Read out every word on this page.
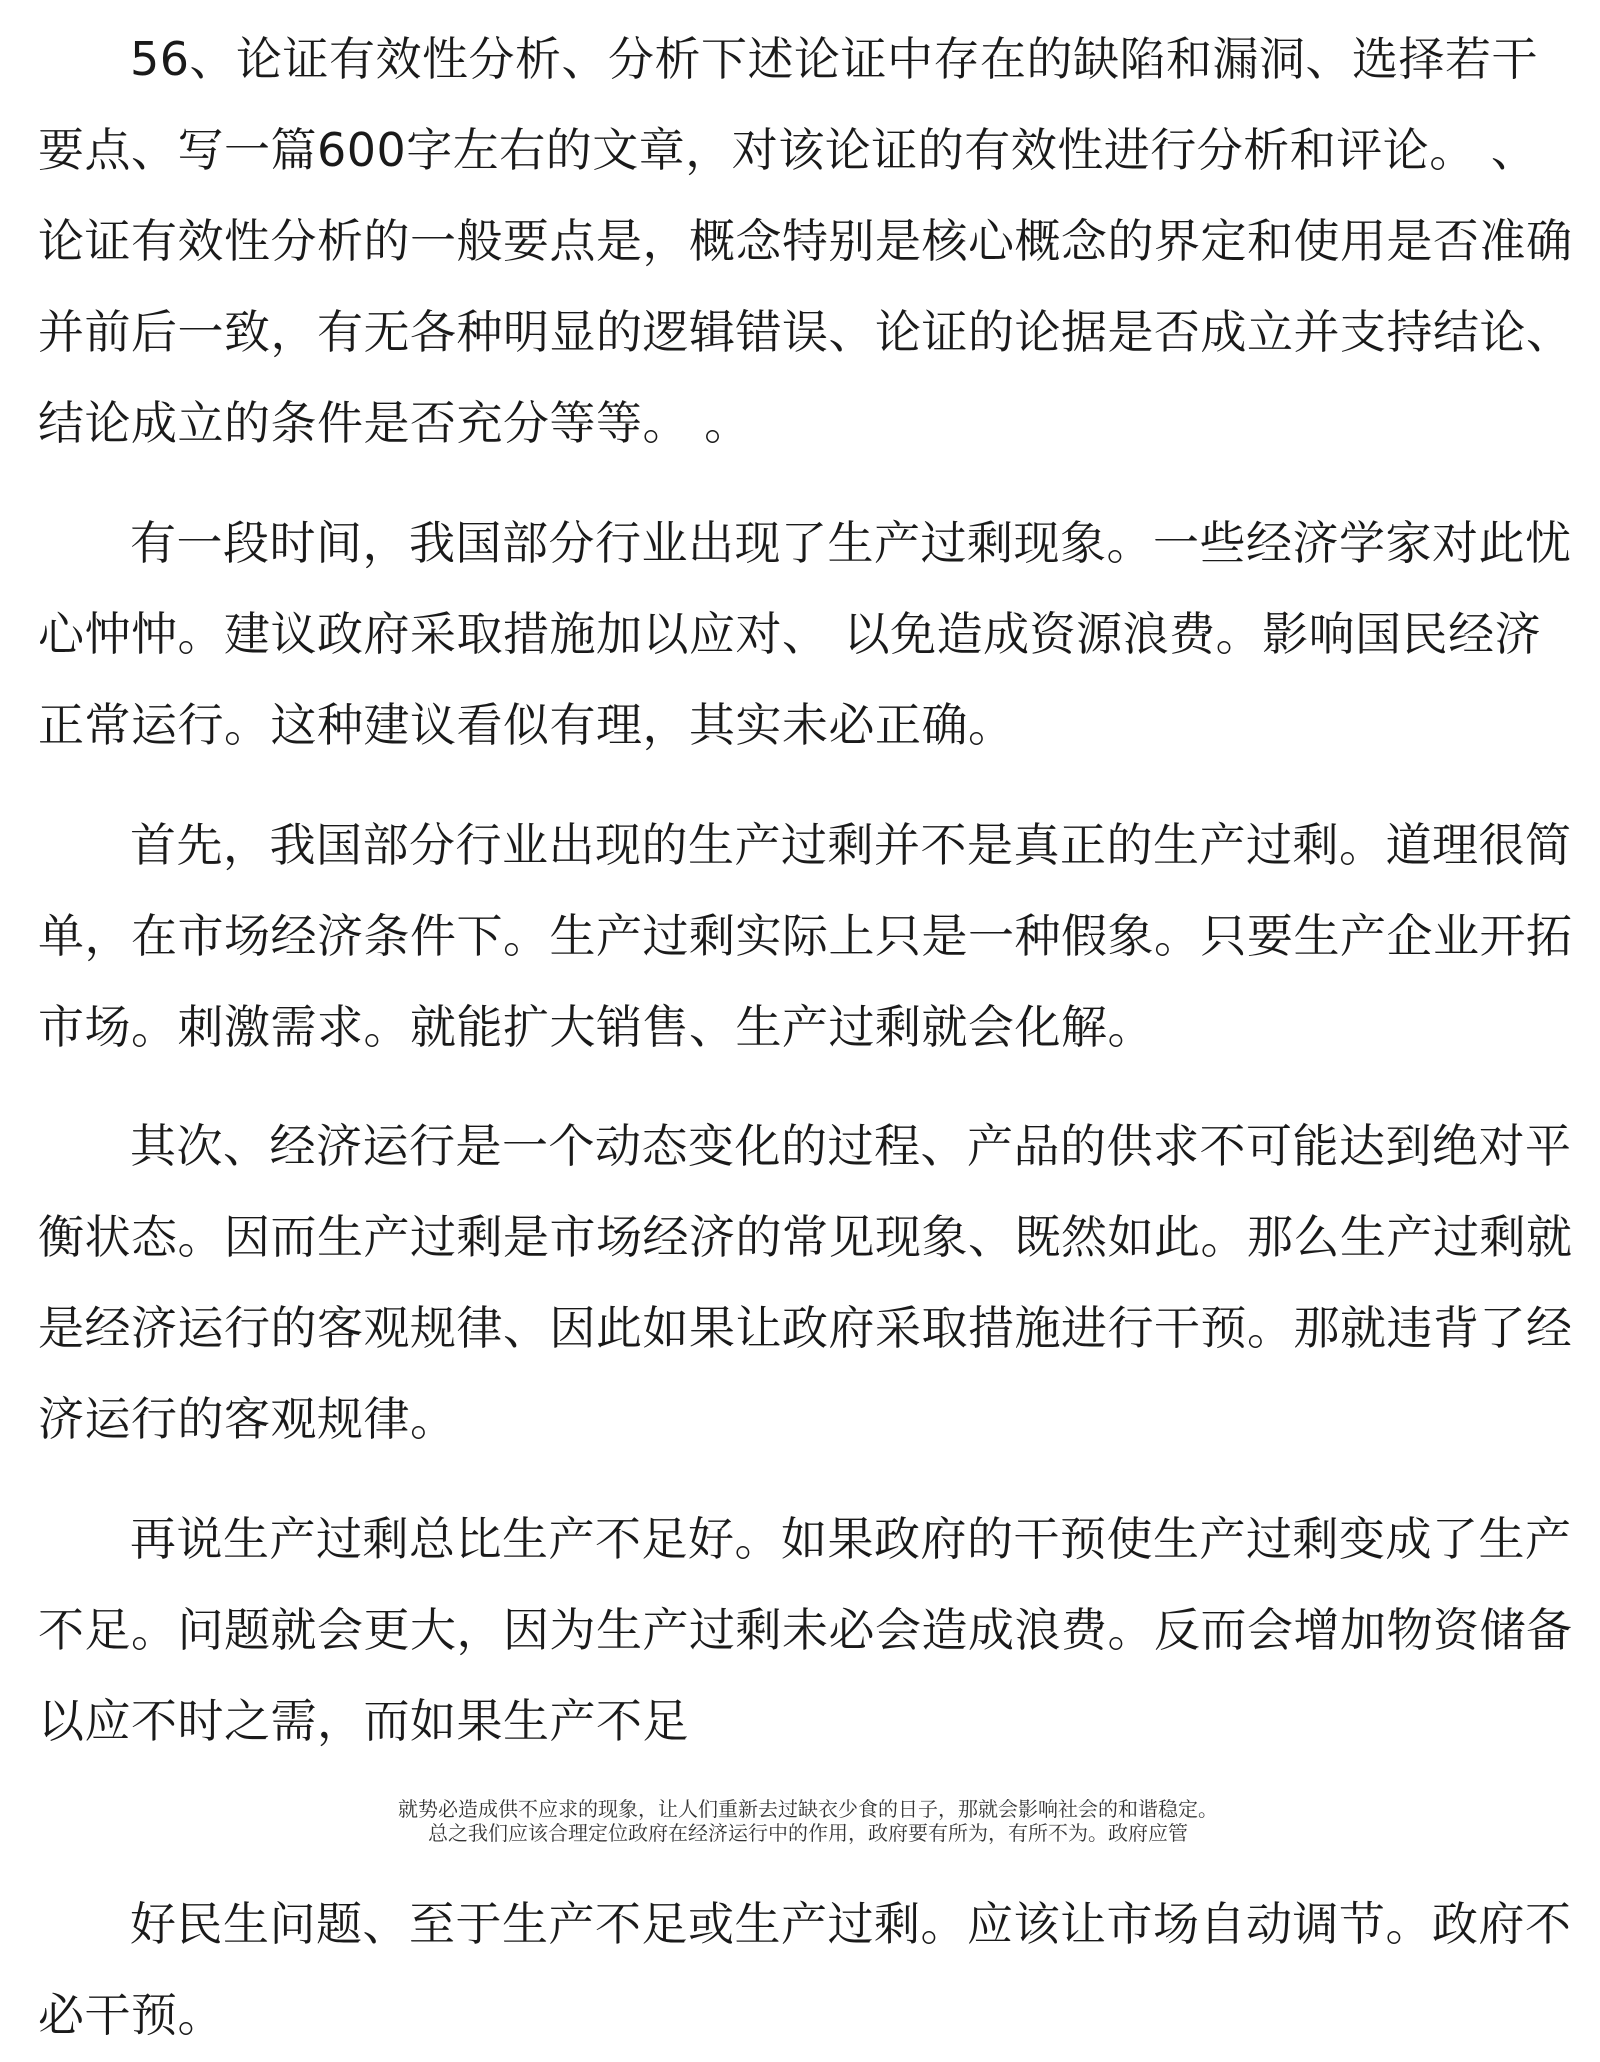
56、论证有效性分析、分析下述论证中存在的缺陷和漏洞、选择若干要点、写一篇600字左右的文章，对该论证的有效性进行分析和评论。 、论证有效性分析的一般要点是，概念特别是核心概念的界定和使用是否准确并前后一致，有无各种明显的逻辑错误、论证的论据是否成立并支持结论、结论成立的条件是否充分等等。 。

有一段时间，我国部分行业出现了生产过剩现象。一些经济学家对此忧心忡忡。建议政府采取措施加以应对、 以免造成资源浪费。影响国民经济正常运行。这种建议看似有理，其实未必正确。

首先，我国部分行业出现的生产过剩并不是真正的生产过剩。道理很简单，在市场经济条件下。生产过剩实际上只是一种假象。只要生产企业开拓市场。刺激需求。就能扩大销售、生产过剩就会化解。

其次、经济运行是一个动态变化的过程、产品的供求不可能达到绝对平衡状态。因而生产过剩是市场经济的常见现象、既然如此。那么生产过剩就是经济运行的客观规律、因此如果让政府采取措施进行干预。那就违背了经济运行的客观规律。

再说生产过剩总比生产不足好。如果政府的干预使生产过剩变成了生产不足。问题就会更大，因为生产过剩未必会造成浪费。反而会增加物资储备以应不时之需，而如果生产不足

就势必造成供不应求的现象，让人们重新去过缺衣少食的日子，那就会影响社会的和谐稳定。
总之我们应该合理定位政府在经济运行中的作用，政府要有所为，有所不为。政府应管

好民生问题、至于生产不足或生产过剩。应该让市场自动调节。政府不必干预。
